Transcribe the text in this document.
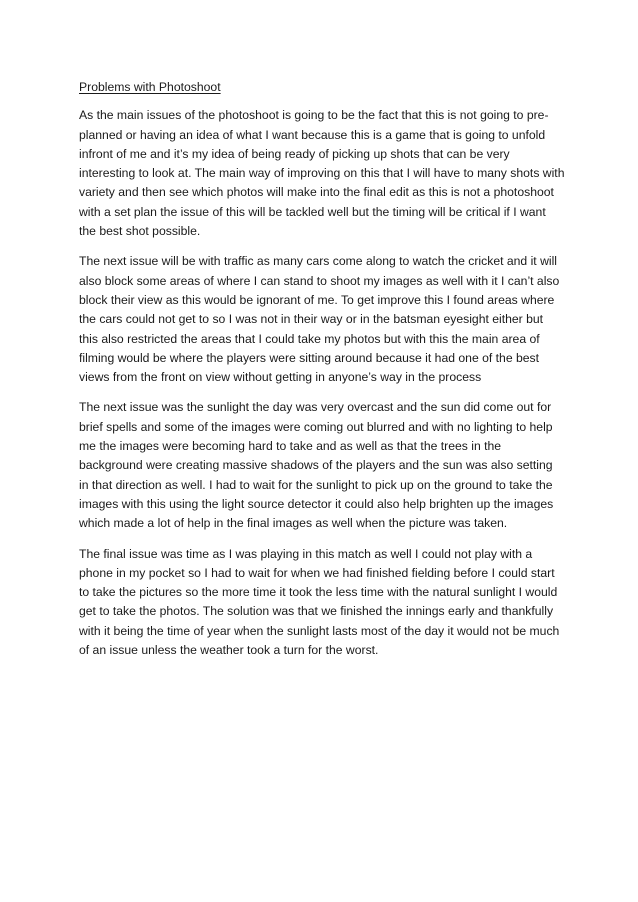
Problems with Photoshoot

As the main issues of the photoshoot is going to be the fact that this is not going to pre-planned or having an idea of what I want because this is a game that is going to unfold infront of me and it’s my idea of being ready of picking up shots that can be very interesting to look at. The main way of improving on this that I will have to many shots with variety and then see which photos will make into the final edit as this is not a photoshoot with a set plan the issue of this will be tackled well but the timing will be critical if I want the best shot possible.

The next issue will be with traffic as many cars come along to watch the cricket and it will also block some areas of where I can stand to shoot my images as well with it I can’t also block their view as this would be ignorant of me. To get improve this I found areas where the cars could not get to so I was not in their way or in the batsman eyesight either but this also restricted the areas that I could take my photos but with this the main area of filming would be where the players were sitting around because it had one of the best views from the front on view without getting in anyone’s way in the process

The next issue was the sunlight the day was very overcast and the sun did come out for brief spells and some of the images were coming out blurred and with no lighting to help me the images were becoming hard to take and as well as that the trees in the background were creating massive shadows of the players and the sun was also setting in that direction as well. I had to wait for the sunlight to pick up on the ground to take the images with this using the light source detector it could also help brighten up the images which made a lot of help in the final images as well when the picture was taken.

The final issue was time as I was playing in this match as well I could not play with a phone in my pocket so I had to wait for when we had finished fielding before I could start to take the pictures so the more time it took the less time with the natural sunlight I would get to take the photos. The solution was that we finished the innings early and thankfully with it being the time of year when the sunlight lasts most of the day it would not be much of an issue unless the weather took a turn for the worst.
